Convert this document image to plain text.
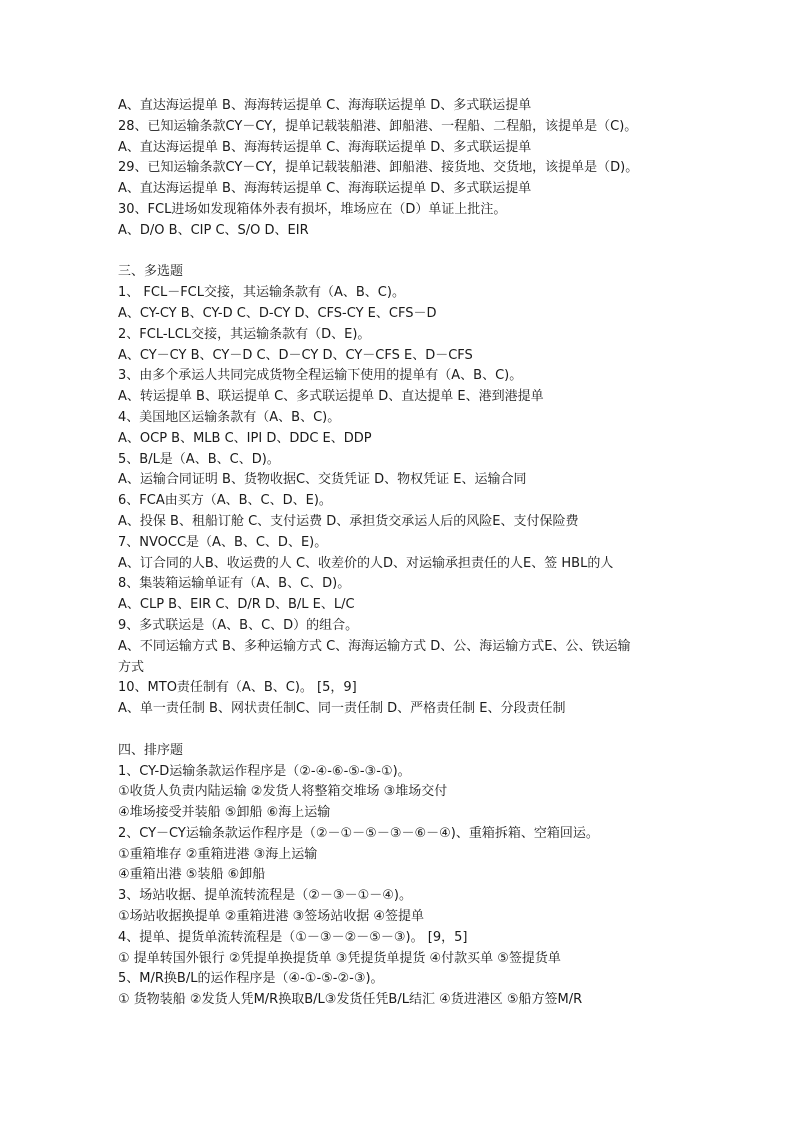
A、直达海运提单 B、海海转运提单 C、海海联运提单 D、多式联运提单
28、已知运输条款CY－CY，提单记载装船港、卸船港、一程船、二程船，该提单是（C)。
A、直达海运提单 B、海海转运提单 C、海海联运提单 D、多式联运提单
29、已知运输条款CY－CY，提单记载装船港、卸船港、接货地、交货地，该提单是（D)。
A、直达海运提单 B、海海转运提单 C、海海联运提单 D、多式联运提单
30、FCL进场如发现箱体外表有损坏，堆场应在（D）单证上批注。
A、D/O B、CIP C、S/O D、EIR
三、多选题
1、 FCL－FCL交接，其运输条款有（A、B、C)。
A、CY-CY B、CY-D C、D-CY D、CFS-CY E、CFS－D
2、FCL-LCL交接，其运输条款有（D、E)。
A、CY－CY B、CY－D C、D－CY D、CY－CFS E、D－CFS
3、由多个承运人共同完成货物全程运输下使用的提单有（A、B、C)。
A、转运提单 B、联运提单 C、多式联运提单 D、直达提单 E、港到港提单
4、美国地区运输条款有（A、B、C)。
A、OCP B、MLB C、IPI D、DDC E、DDP
5、B/L是（A、B、C、D)。
A、运输合同证明 B、货物收据C、交货凭证 D、物权凭证 E、运输合同
6、FCA由买方（A、B、C、D、E)。
A、投保 B、租船订舱 C、支付运费 D、承担货交承运人后的风险E、支付保险费
7、NVOCC是（A、B、C、D、E)。
A、订合同的人B、收运费的人 C、收差价的人D、对运输承担责任的人E、签 HBL的人
8、集装箱运输单证有（A、B、C、D)。
A、CLP B、EIR C、D/R D、B/L E、L/C
9、多式联运是（A、B、C、D）的组合。
A、不同运输方式 B、多种运输方式 C、海海运输方式 D、公、海运输方式E、公、铁运输
方式
10、MTO责任制有（A、B、C)。 [5，9]
A、单一责任制 B、网状责任制C、同一责任制 D、严格责任制 E、分段责任制
四、排序题
1、CY-D运输条款运作程序是（②-④-⑥-⑤-③-①)。
①收货人负责内陆运输 ②发货人将整箱交堆场 ③堆场交付
④堆场接受并装船 ⑤卸船 ⑥海上运输
2、CY－CY运输条款运作程序是（②－①－⑤－③－⑥－④)、重箱拆箱、空箱回运。
①重箱堆存 ②重箱进港 ③海上运输
④重箱出港 ⑤装船 ⑥卸船
3、场站收据、提单流转流程是（②－③－①－④)。
①场站收据换提单 ②重箱进港 ③签场站收据 ④签提单
4、提单、提货单流转流程是（①－③－②－⑤－③)。 [9，5]
① 提单转国外银行 ②凭提单换提货单 ③凭提货单提货 ④付款买单 ⑤签提货单
5、M/R换B/L的运作程序是（④-①-⑤-②-③)。
① 货物装船 ②发货人凭M/R换取B/L③发货任凭B/L结汇 ④货进港区 ⑤船方签M/R
